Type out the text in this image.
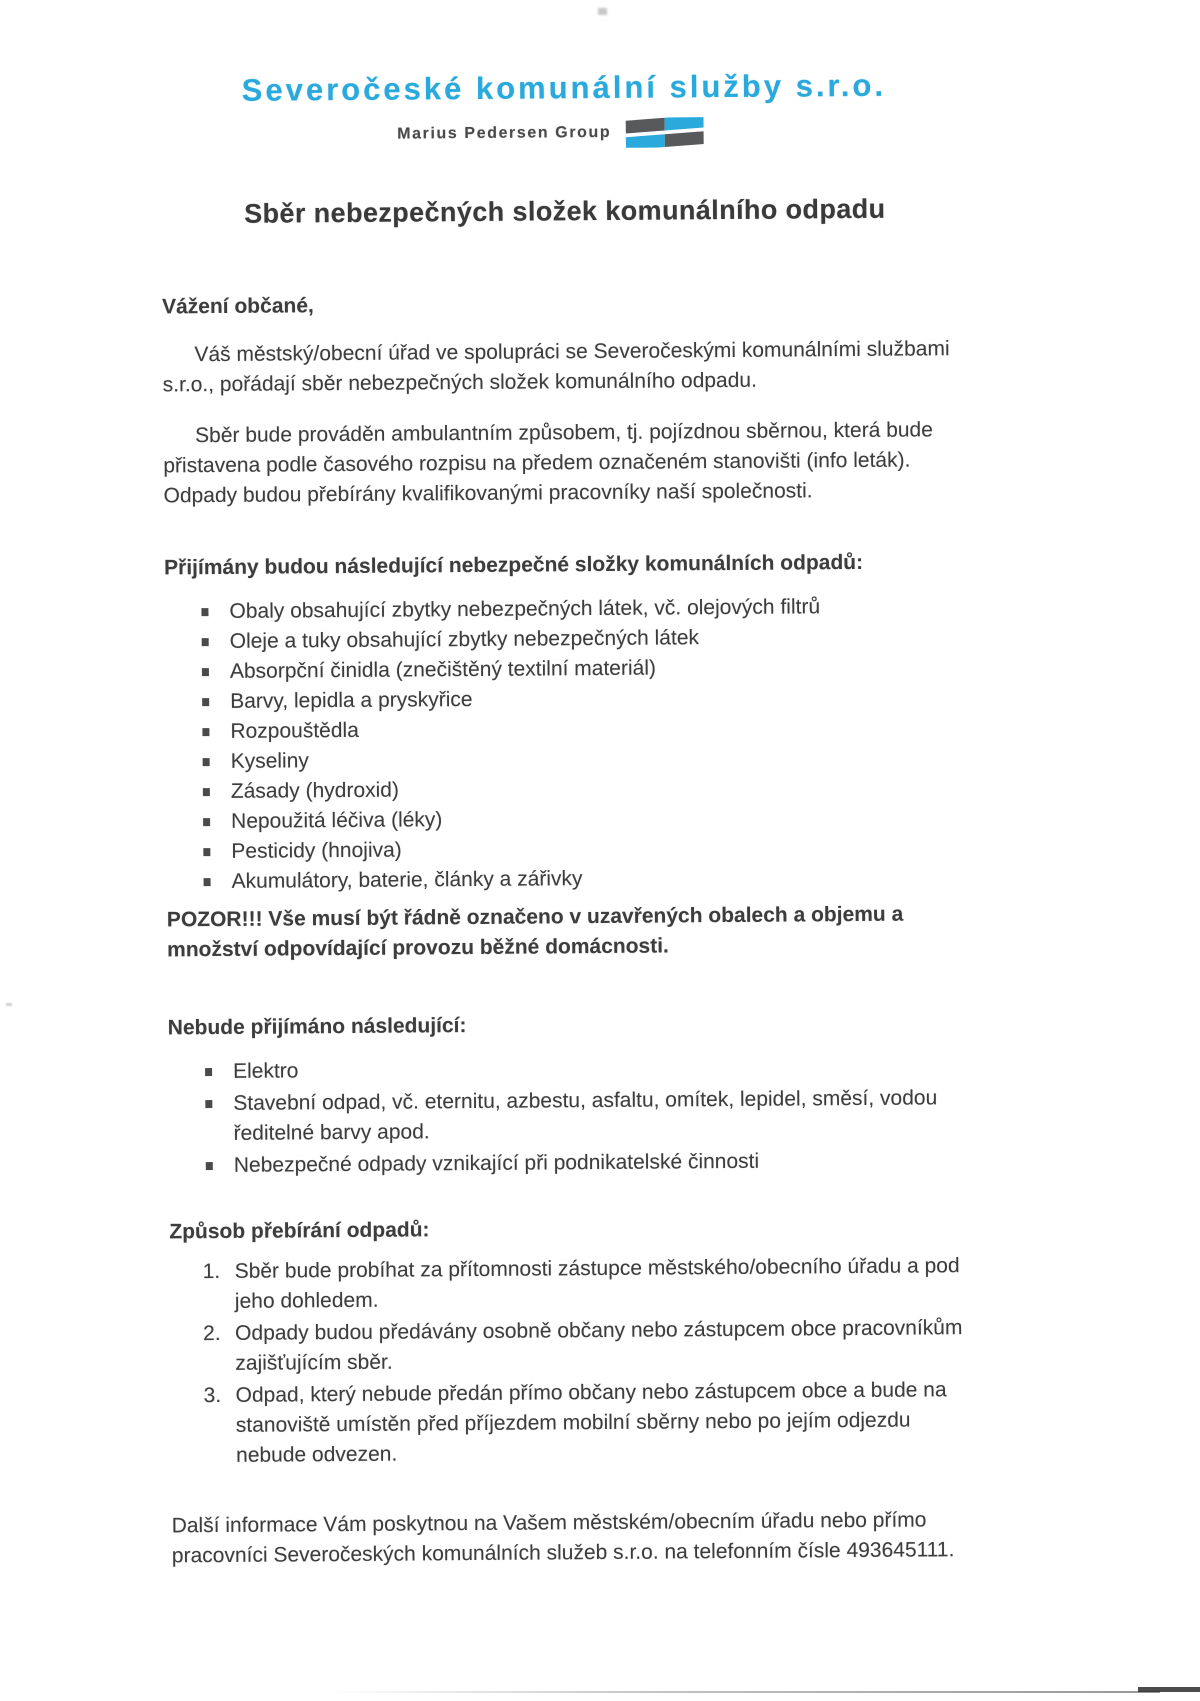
Severočeské komunální služby s.r.o.
Marius Pedersen Group
Sběr nebezpečných složek komunálního odpadu
Vážení občané,

Váš městský/obecní úřad ve spolupráci se Severočeskými komunálními službami s.r.o., pořádají sběr nebezpečných složek komunálního odpadu.

Sběr bude prováděn ambulantním způsobem, tj. pojízdnou sběrnou, která bude přistavena podle časového rozpisu na předem označeném stanovišti (info leták). Odpady budou přebírány kvalifikovanými pracovníky naší společnosti.

Přijímány budou následující nebezpečné složky komunálních odpadů:
Obaly obsahující zbytky nebezpečných látek, vč. olejových filtrů
Oleje a tuky obsahující zbytky nebezpečných látek
Absorpční činidla (znečištěný textilní materiál)
Barvy, lepidla a pryskyřice
Rozpouštědla
Kyseliny
Zásady (hydroxid)
Nepoužitá léčiva (léky)
Pesticidy (hnojiva)
Akumulátory, baterie, články a zářivky

POZOR!!! Vše musí být řádně označeno v uzavřených obalech a objemu a množství odpovídající provozu běžné domácnosti.

Nebude přijímáno následující:
Elektro
Stavební odpad, vč. eternitu, azbestu, asfaltu, omítek, lepidel, směsí, vodou ředitelné barvy apod.
Nebezpečné odpady vznikající při podnikatelské činnosti
Způsob přebírání odpadů:
Sběr bude probíhat za přítomnosti zástupce městského/obecního úřadu a pod jeho dohledem.
Odpady budou předávány osobně občany nebo zástupcem obce pracovníkům zajišťujícím sběr.
Odpad, který nebude předán přímo občany nebo zástupcem obce a bude na stanoviště umístěn před příjezdem mobilní sběrny nebo po jejím odjezdu nebude odvezen.

Další informace Vám poskytnou na Vašem městském/obecním úřadu nebo přímo pracovníci Severočeských komunálních služeb s.r.o. na telefonním čísle 493645111.
